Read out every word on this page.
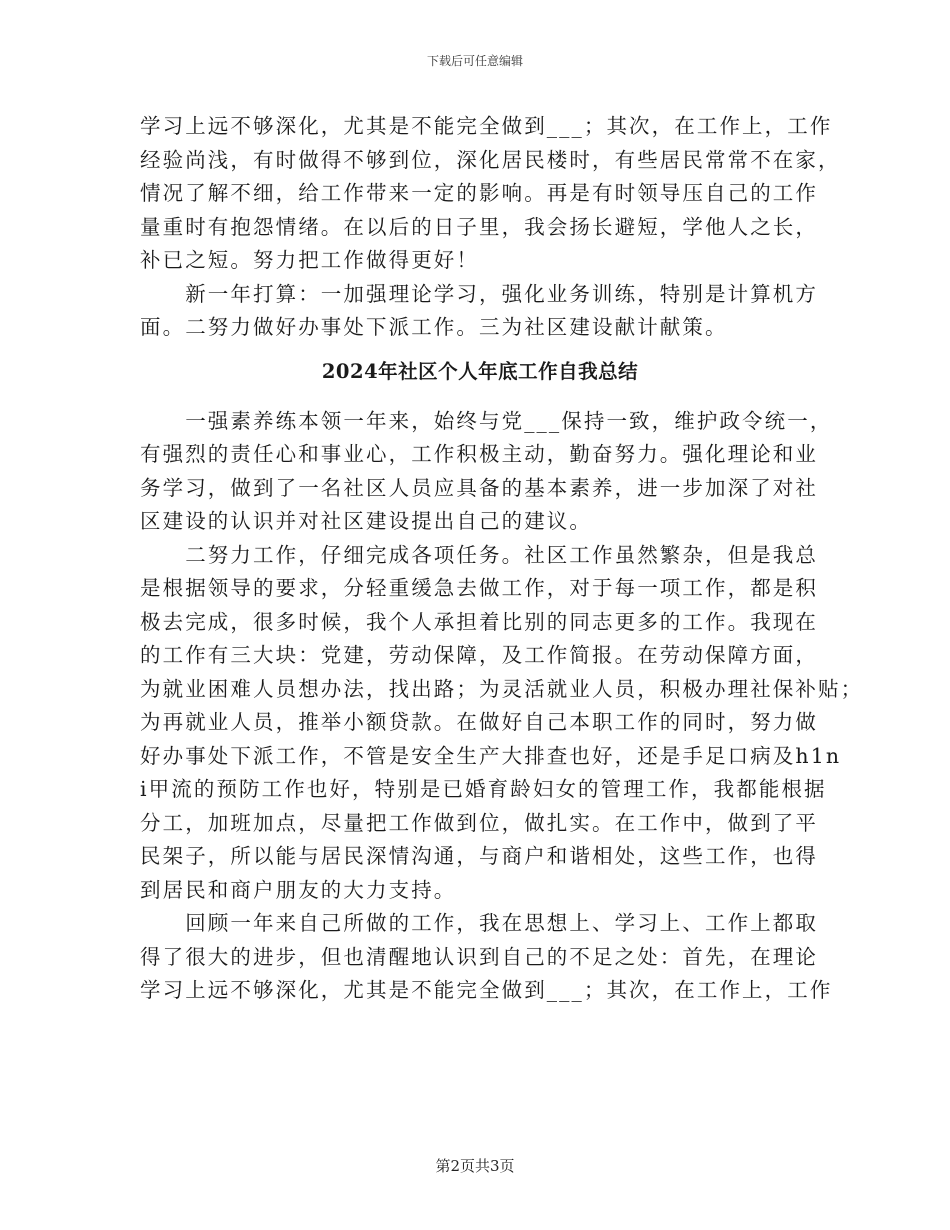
下载后可任意编辑
学习上远不够深化，尤其是不能完全做到___；其次，在工作上，工作
经验尚浅，有时做得不够到位，深化居民楼时，有些居民常常不在家，
情况了解不细，给工作带来一定的影响。再是有时领导压自己的工作
量重时有抱怨情绪。在以后的日子里，我会扬长避短，学他人之长，
补已之短。努力把工作做得更好！
　　新一年打算：一加强理论学习，强化业务训练，特别是计算机方
面。二努力做好办事处下派工作。三为社区建设献计献策。
2024年社区个人年底工作自我总结
　　一强素养练本领一年来，始终与党___保持一致，维护政令统一，
有强烈的责任心和事业心，工作积极主动，勤奋努力。强化理论和业
务学习，做到了一名社区人员应具备的基本素养，进一步加深了对社
区建设的认识并对社区建设提出自己的建议。
　　二努力工作，仔细完成各项任务。社区工作虽然繁杂，但是我总
是根据领导的要求，分轻重缓急去做工作，对于每一项工作，都是积
极去完成，很多时候，我个人承担着比别的同志更多的工作。我现在
的工作有三大块：党建，劳动保障，及工作简报。在劳动保障方面，
为就业困难人员想办法，找出路；为灵活就业人员，积极办理社保补贴；
为再就业人员，推举小额贷款。在做好自己本职工作的同时，努力做
好办事处下派工作，不管是安全生产大排查也好，还是手足口病及h1n
i甲流的预防工作也好，特别是已婚育龄妇女的管理工作，我都能根据
分工，加班加点，尽量把工作做到位，做扎实。在工作中，做到了平
民架子，所以能与居民深情沟通，与商户和谐相处，这些工作，也得
到居民和商户朋友的大力支持。
　　回顾一年来自己所做的工作，我在思想上、学习上、工作上都取
得了很大的进步，但也清醒地认识到自己的不足之处：首先，在理论
学习上远不够深化，尤其是不能完全做到___；其次，在工作上，工作
第2页共3页
